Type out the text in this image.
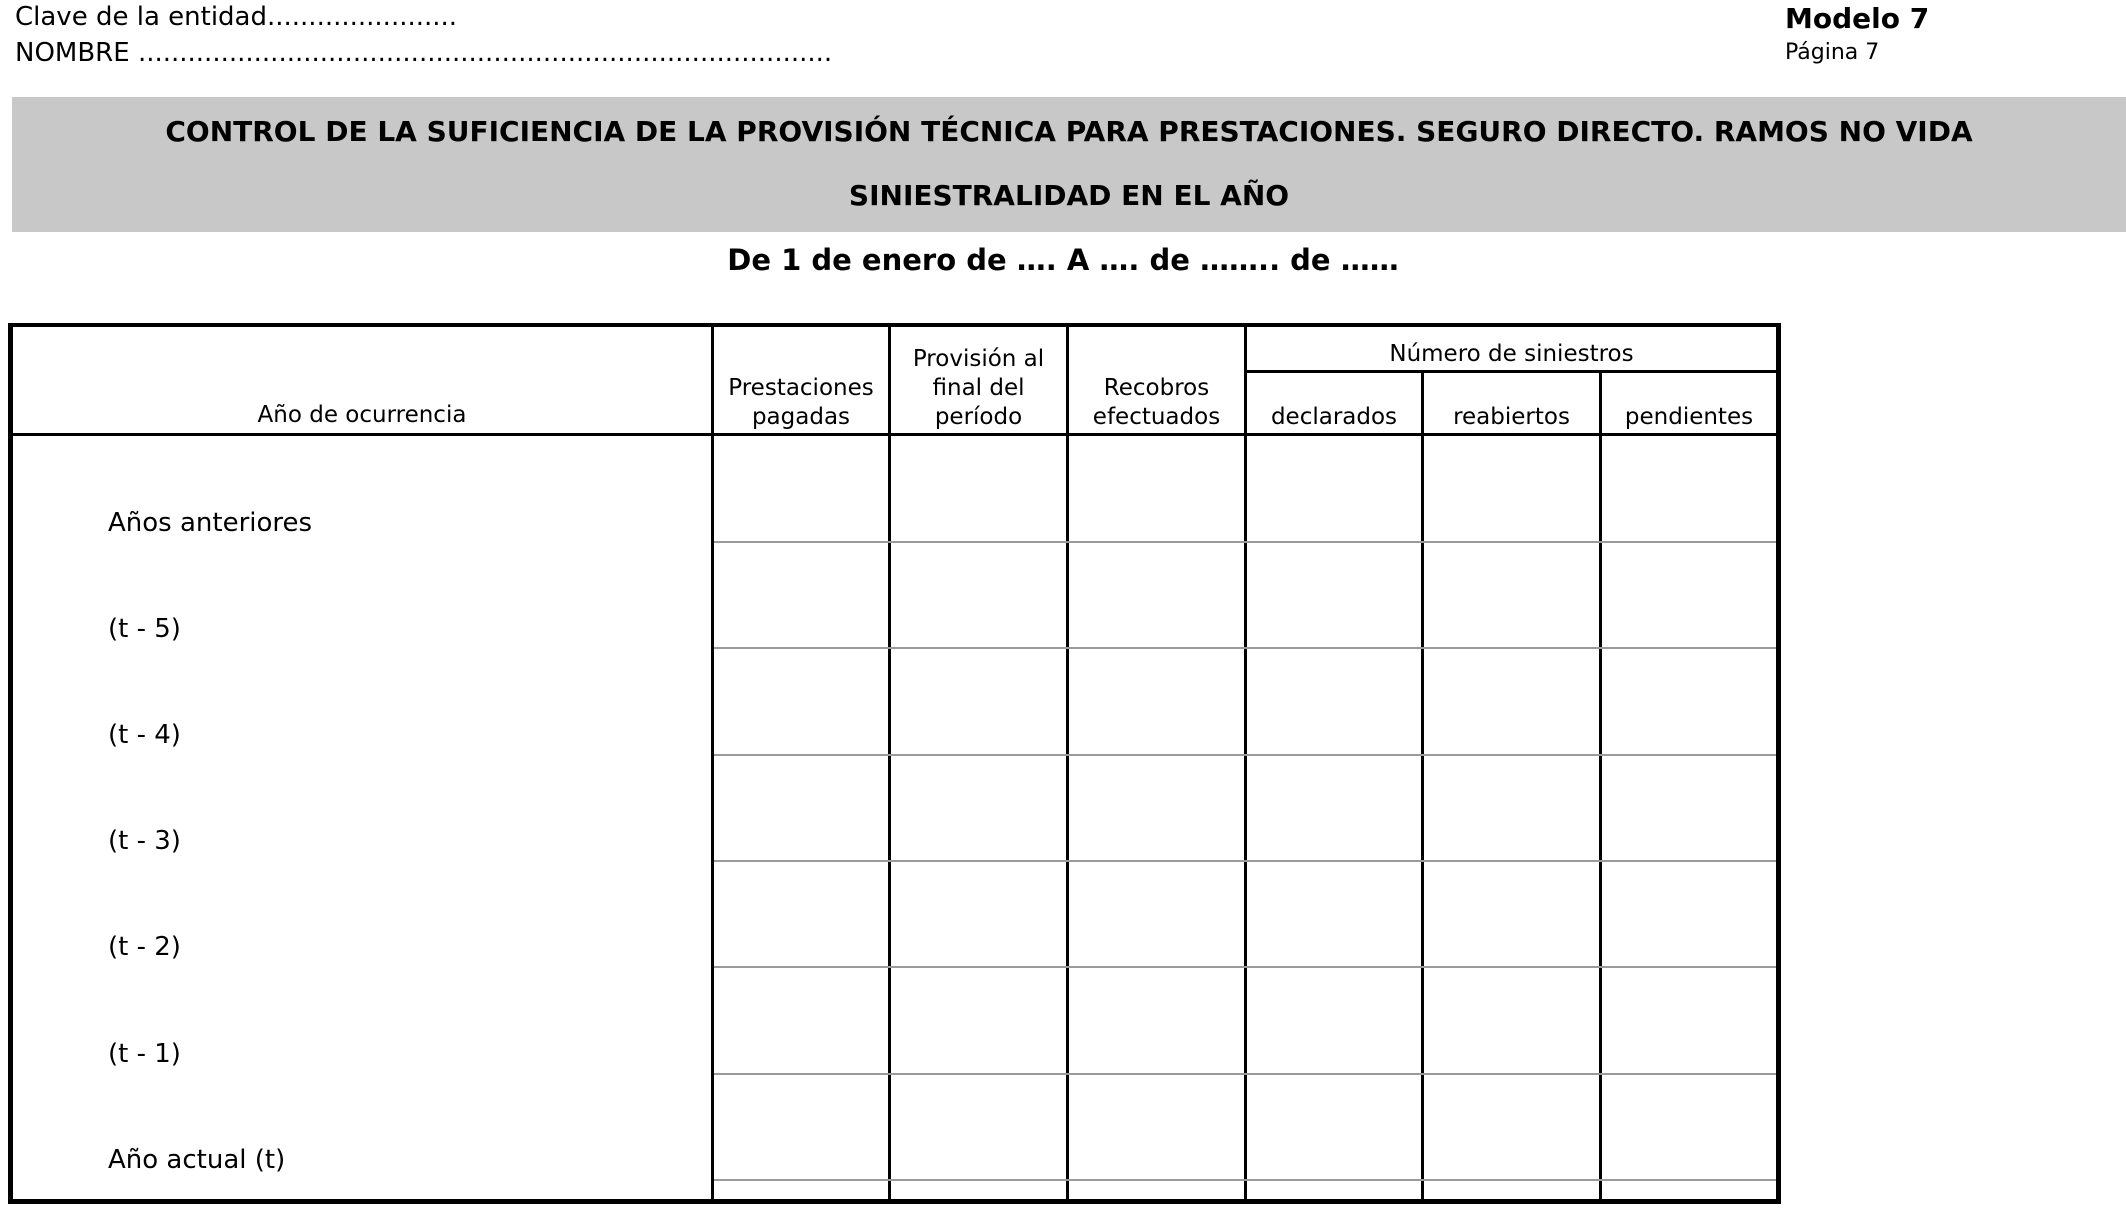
Clave de la entidad.......................
NOMBRE ....................................................................................
Modelo 7
Página 7
CONTROL DE LA SUFICIENCIA DE LA PROVISIÓN TÉCNICA PARA PRESTACIONES. SEGURO DIRECTO. RAMOS NO VIDA
SINIESTRALIDAD EN EL AÑO
De 1 de enero de …. A …. de …….. de ……
Año de ocurrencia
Prestaciones
pagadas
Provisión al
final del
período
Recobros
efectuados
Número de siniestros
declarados	reabiertos	pendientes
Años anteriores
(t - 5)
(t - 4)
(t - 3)
(t - 2)
(t - 1)
Año actual (t)
